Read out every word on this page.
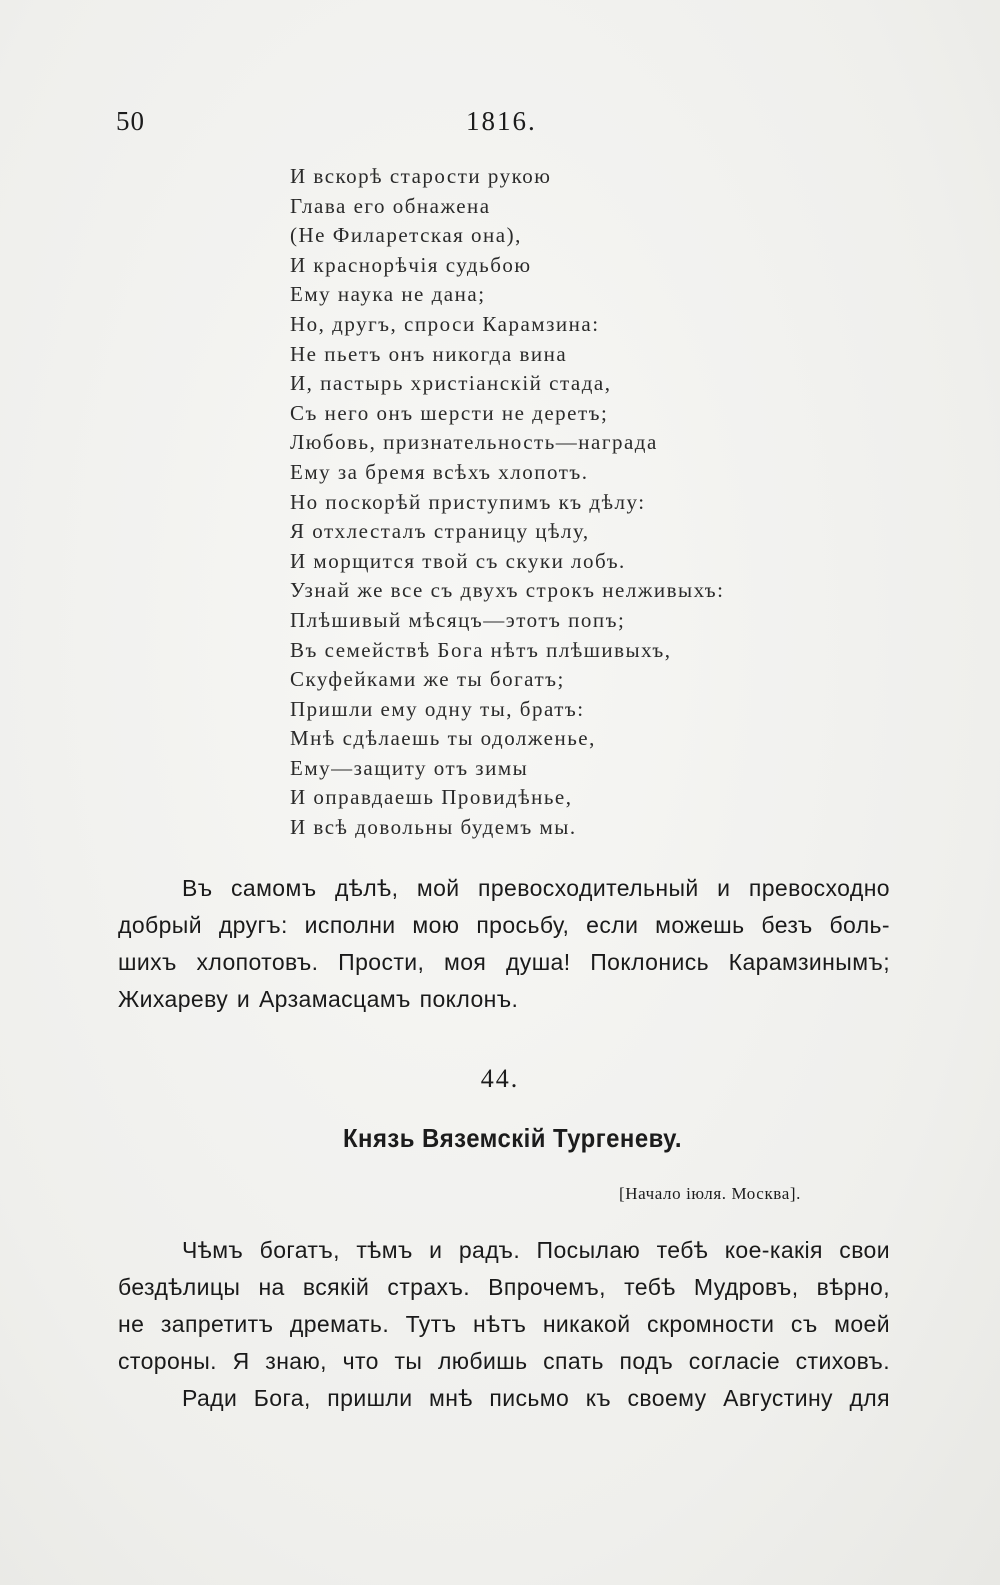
50	1816.
И вскорѣ старости рукою
Глава его обнажена
(Не Филаретская она),
И краснорѣчія судьбою
Ему наука не дана;
Но, другъ, спроси Карамзина:
Не пьетъ онъ никогда вина
И, пастырь христіанскій стада,
Съ него онъ шерсти не деретъ;
Любовь, признательность—награда
Ему за бремя всѣхъ хлопотъ.
Но поскорѣй приступимъ къ дѣлу:
Я отхлесталъ страницу цѣлу,
И морщится твой съ скуки лобъ.
Узнай же все съ двухъ строкъ нелживыхъ:
Плѣшивый мѣсяцъ—этотъ попъ;
Въ семействѣ Бога нѣтъ плѣшивыхъ,
Скуфейками же ты богатъ;
Пришли ему одну ты, братъ:
Мнѣ сдѣлаешь ты одолженье,
Ему—защиту отъ зимы
И оправдаешь Провидѣнье,
И всѣ довольны будемъ мы.
Въ самомъ дѣлѣ, мой превосходительный и превосходно
добрый другъ: исполни мою просьбу, если можешь безъ боль-
шихъ хлопотовъ. Прости, моя душа! Поклонись Карамзинымъ;
Жихареву и Арзамасцамъ поклонъ.
44.
Князь Вяземскій Тургеневу.
[Начало іюля. Москва].
Чѣмъ богатъ, тѣмъ и радъ. Посылаю тебѣ кое-какія свои
бездѣлицы на всякій страхъ. Впрочемъ, тебѣ Мудровъ, вѣрно,
не запретитъ дремать. Тутъ нѣтъ никакой скромности съ моей
стороны. Я знаю, что ты любишь спать подъ согласіе стиховъ.
Ради Бога, пришли мнѣ письмо къ своему Августину для
